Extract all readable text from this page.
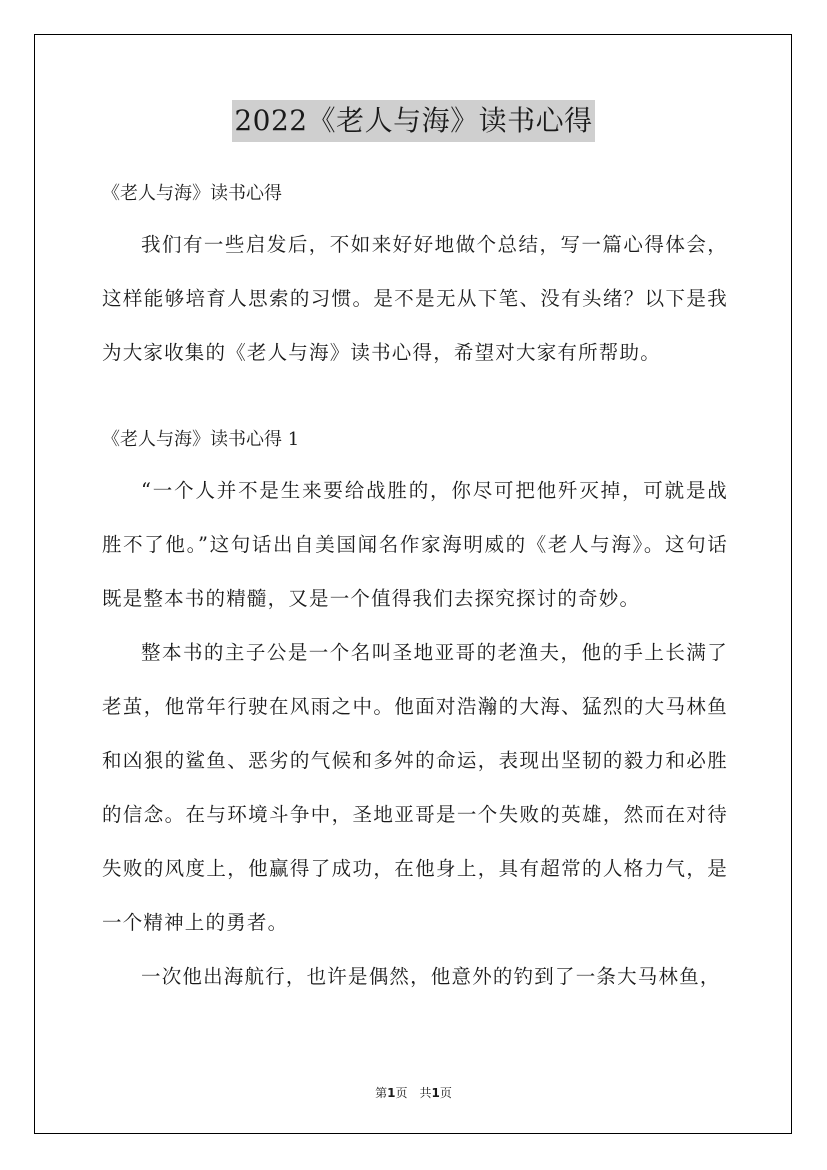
2022《老人与海》读书心得

《老人与海》读书心得

我们有一些启发后，不如来好好地做个总结，写一篇心得体会，这样能够培育人思索的习惯。是不是无从下笔、没有头绪？以下是我为大家收集的《老人与海》读书心得，希望对大家有所帮助。

《老人与海》读书心得 1

“一个人并不是生来要给战胜的，你尽可把他歼灭掉，可就是战胜不了他。”这句话出自美国闻名作家海明威的《老人与海》。这句话既是整本书的精髓，又是一个值得我们去探究探讨的奇妙。

整本书的主子公是一个名叫圣地亚哥的老渔夫，他的手上长满了老茧，他常年行驶在风雨之中。他面对浩瀚的大海、猛烈的大马林鱼和凶狠的鲨鱼、恶劣的气候和多舛的命运，表现出坚韧的毅力和必胜的信念。在与环境斗争中，圣地亚哥是一个失败的英雄，然而在对待失败的风度上，他赢得了成功，在他身上，具有超常的人格力气，是一个精神上的勇者。

一次他出海航行，也许是偶然，他意外的钓到了一条大马林鱼，

第1页　共1页
